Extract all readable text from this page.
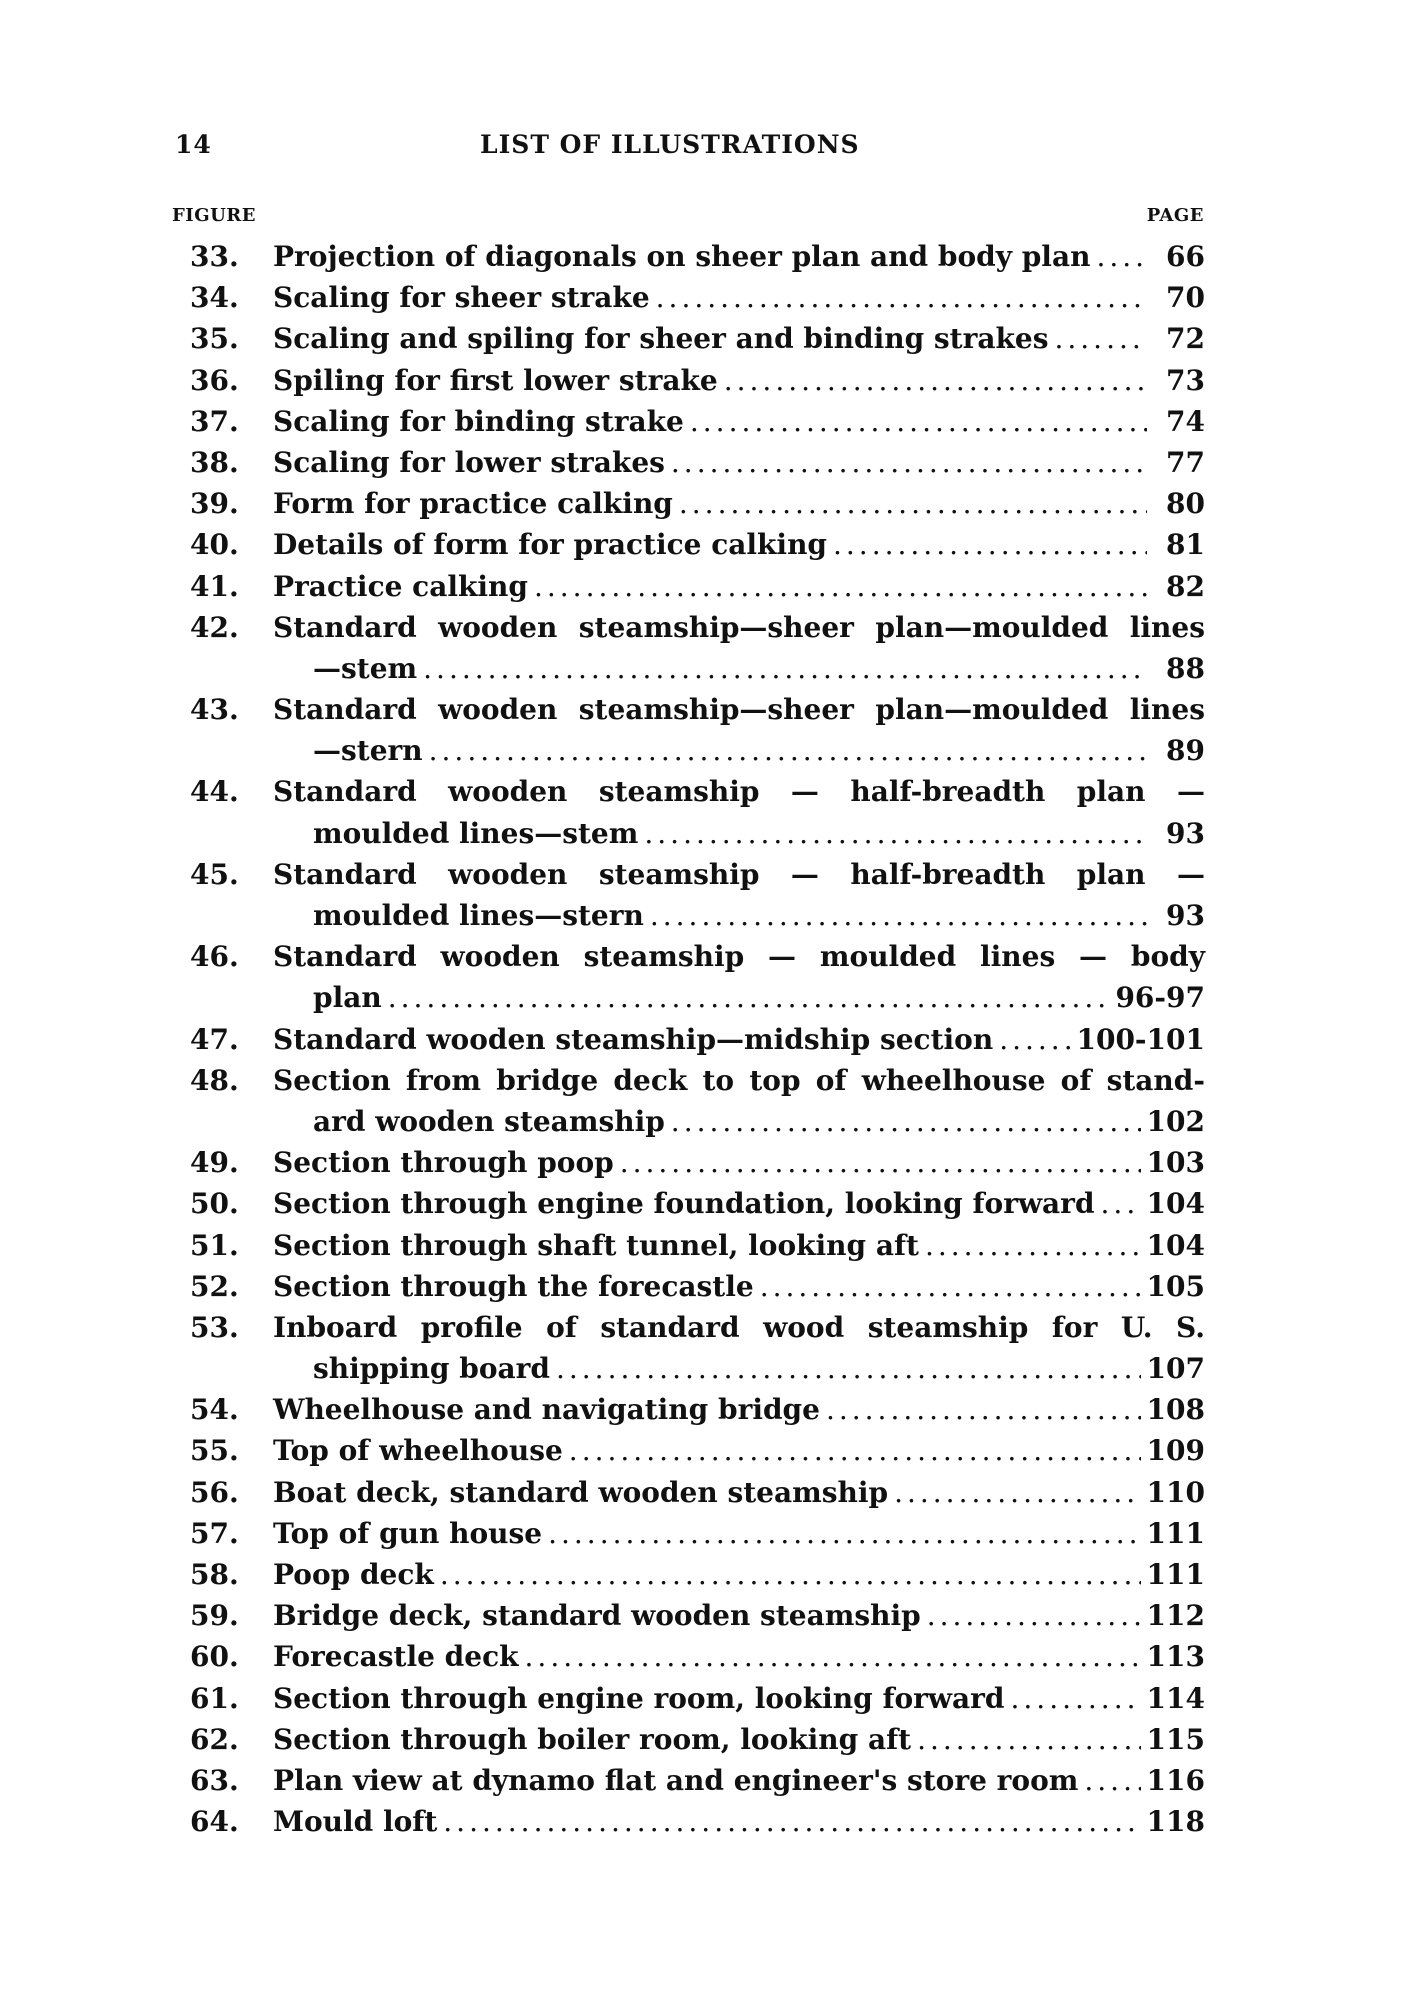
14	LIST OF ILLUSTRATIONS
FIGURE	PAGE
33.	Projection of diagonals on sheer plan and body plan .....	66
34.	Scaling for sheer strake .....	70
35.	Scaling and spiling for sheer and binding strakes .....	72
36.	Spiling for first lower strake .....	73
37.	Scaling for binding strake .....	74
38.	Scaling for lower strakes .....	77
39.	Form for practice calking .....	80
40.	Details of form for practice calking .....	81
41.	Practice calking .....	82
42.	Standard wooden steamship—sheer plan—moulded lines
—stem .....	88
43.	Standard wooden steamship—sheer plan—moulded lines
—stern .....	89
44.	Standard wooden steamship — half-breadth plan —
moulded lines—stem .....	93
45.	Standard wooden steamship — half-breadth plan —
moulded lines—stern .....	93
46.	Standard wooden steamship — moulded lines — body
plan .....	96-97
47.	Standard wooden steamship—midship section .....	100-101
48.	Section from bridge deck to top of wheelhouse of stand-
ard wooden steamship .....	102
49.	Section through poop .....	103
50.	Section through engine foundation, looking forward ..... 104
51.	Section through shaft tunnel, looking aft .....	104
52.	Section through the forecastle .....	105
53.	Inboard profile of standard wood steamship for U. S.
shipping board .....	107
54.	Wheelhouse and navigating bridge .....	108
55.	Top of wheelhouse .....	109
56.	Boat deck, standard wooden steamship .....	110
57.	Top of gun house .....	111
58.	Poop deck .....	111
59.	Bridge deck, standard wooden steamship .....	112
60.	Forecastle deck .....	113
61.	Section through engine room, looking forward .....	114
62.	Section through boiler room, looking aft .....	115
63.	Plan view at dynamo flat and engineer's store room ..... 116
64.	Mould loft .....	118
